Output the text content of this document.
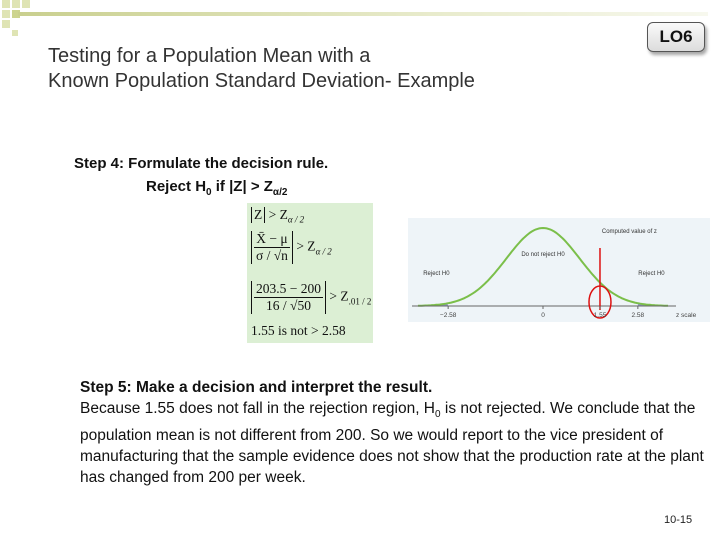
LO6
Testing for a Population Mean with a
Known Population Standard Deviation- Example
Step 4: Formulate the decision rule.
Reject $H_0$ if $|Z| > Z_{\alpha/2}$
$Z > Z_{\alpha / 2}$
$\frac{X̄ - \mu}{\sigma / √n} > Z_{\alpha / 2}$
$\frac{203.5 - 200}{16 / √50} > Z_{.01 / 2}$
1.55 is not > 2.58
−2.58	0	1.55	2.58	z scale
Reject H0
Do not reject H0
Reject H0
Computed value of z
Step 5: Make a decision and interpret the result.
Because 1.55 does not fall in the rejection region, $H_0$ is not rejected. We conclude that the population mean is not different from 200. So we would report to the vice president of manufacturing that the sample evidence does not show that the production rate at the plant has changed from 200 per week.
10-15
